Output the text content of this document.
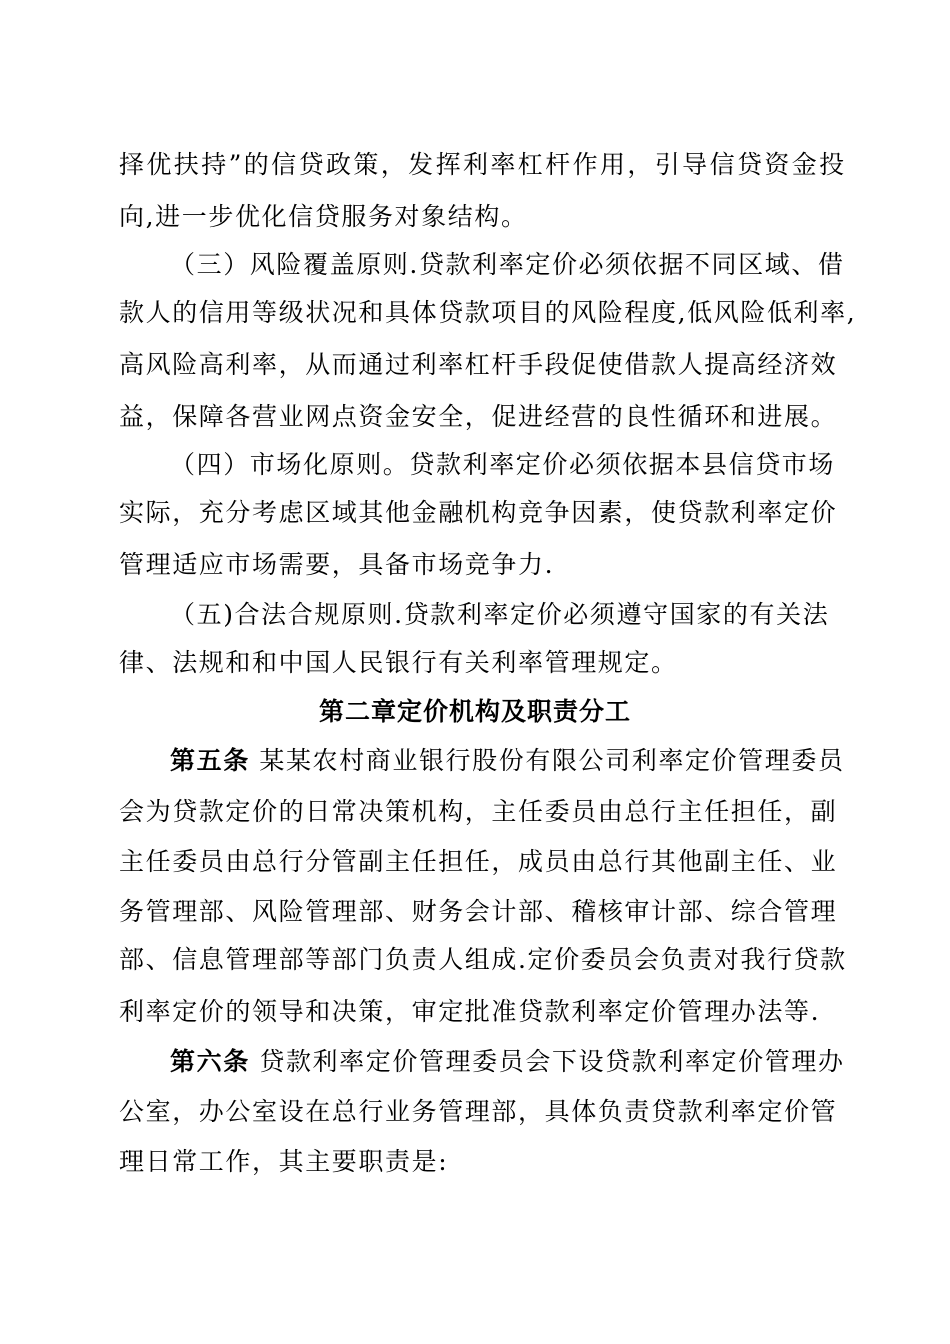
择优扶持”的信贷政策，发挥利率杠杆作用，引导信贷资金投
向,进一步优化信贷服务对象结构。
（三）风险覆盖原则.贷款利率定价必须依据不同区域、借
款人的信用等级状况和具体贷款项目的风险程度,低风险低利率,
高风险高利率，从而通过利率杠杆手段促使借款人提高经济效
益，保障各营业网点资金安全，促进经营的良性循环和进展。
（四）市场化原则。贷款利率定价必须依据本县信贷市场
实际，充分考虑区域其他金融机构竞争因素，使贷款利率定价
管理适应市场需要，具备市场竞争力.
（五)合法合规原则.贷款利率定价必须遵守国家的有关法
律、法规和和中国人民银行有关利率管理规定。
第二章定价机构及职责分工
第五条 某某农村商业银行股份有限公司利率定价管理委员
会为贷款定价的日常决策机构，主任委员由总行主任担任，副
主任委员由总行分管副主任担任，成员由总行其他副主任、业
务管理部、风险管理部、财务会计部、稽核审计部、综合管理
部、信息管理部等部门负责人组成.定价委员会负责对我行贷款
利率定价的领导和决策，审定批准贷款利率定价管理办法等.
第六条 贷款利率定价管理委员会下设贷款利率定价管理办
公室，办公室设在总行业务管理部，具体负责贷款利率定价管
理日常工作，其主要职责是:
